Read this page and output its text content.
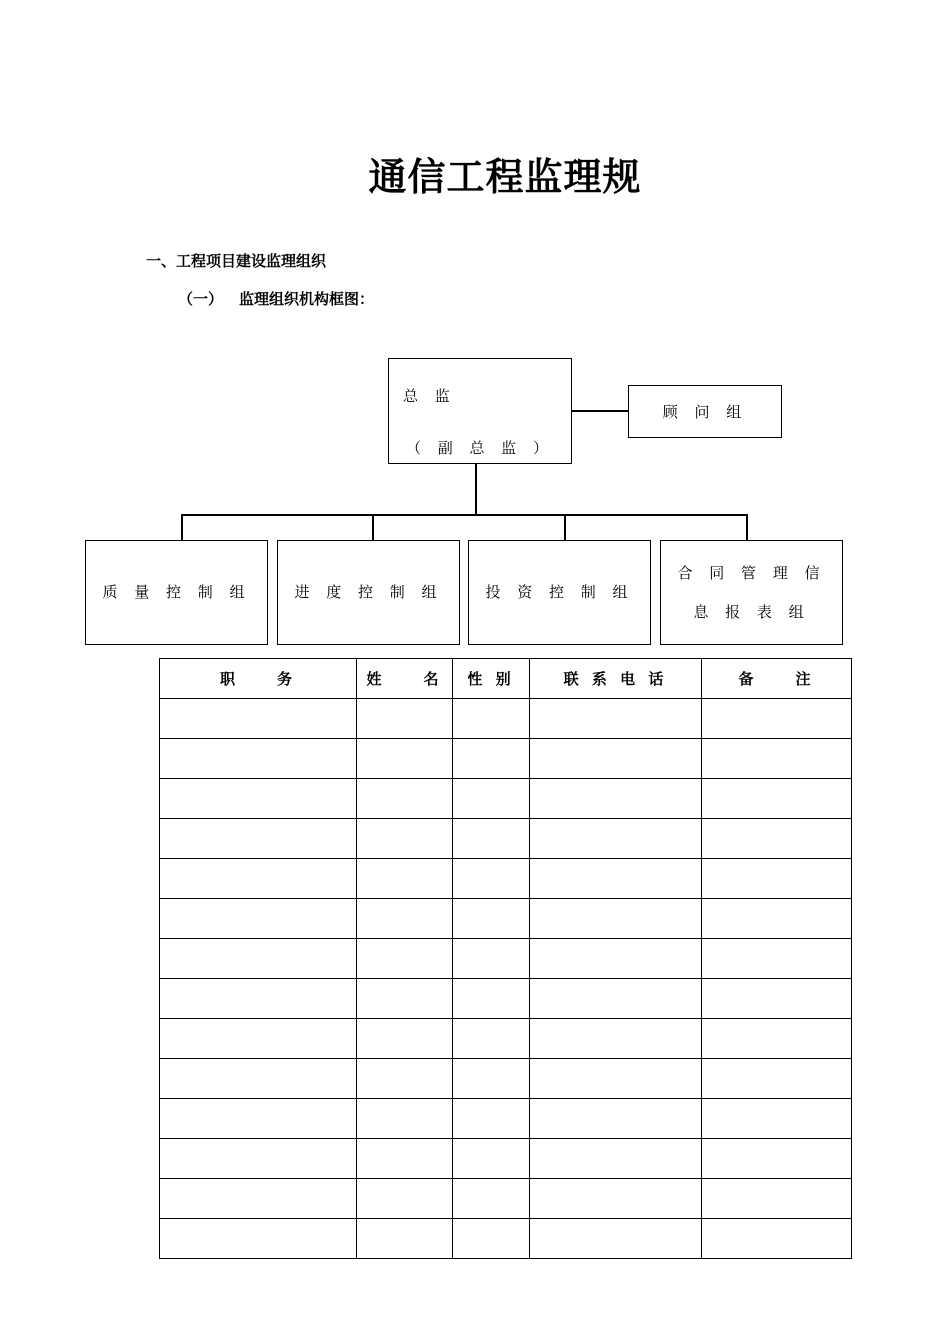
通信工程监理规
一、工程项目建设监理组织
（一） 监理组织机构框图：
总 监
（ 副 总 监 ）
顾 问 组
质 量 控 制 组	进 度 控 制 组	投 资 控 制 组
合 同 管 理 信 息 报 表 组
职　　务	姓　　名	性 别	联 系 电 话	备　　注
